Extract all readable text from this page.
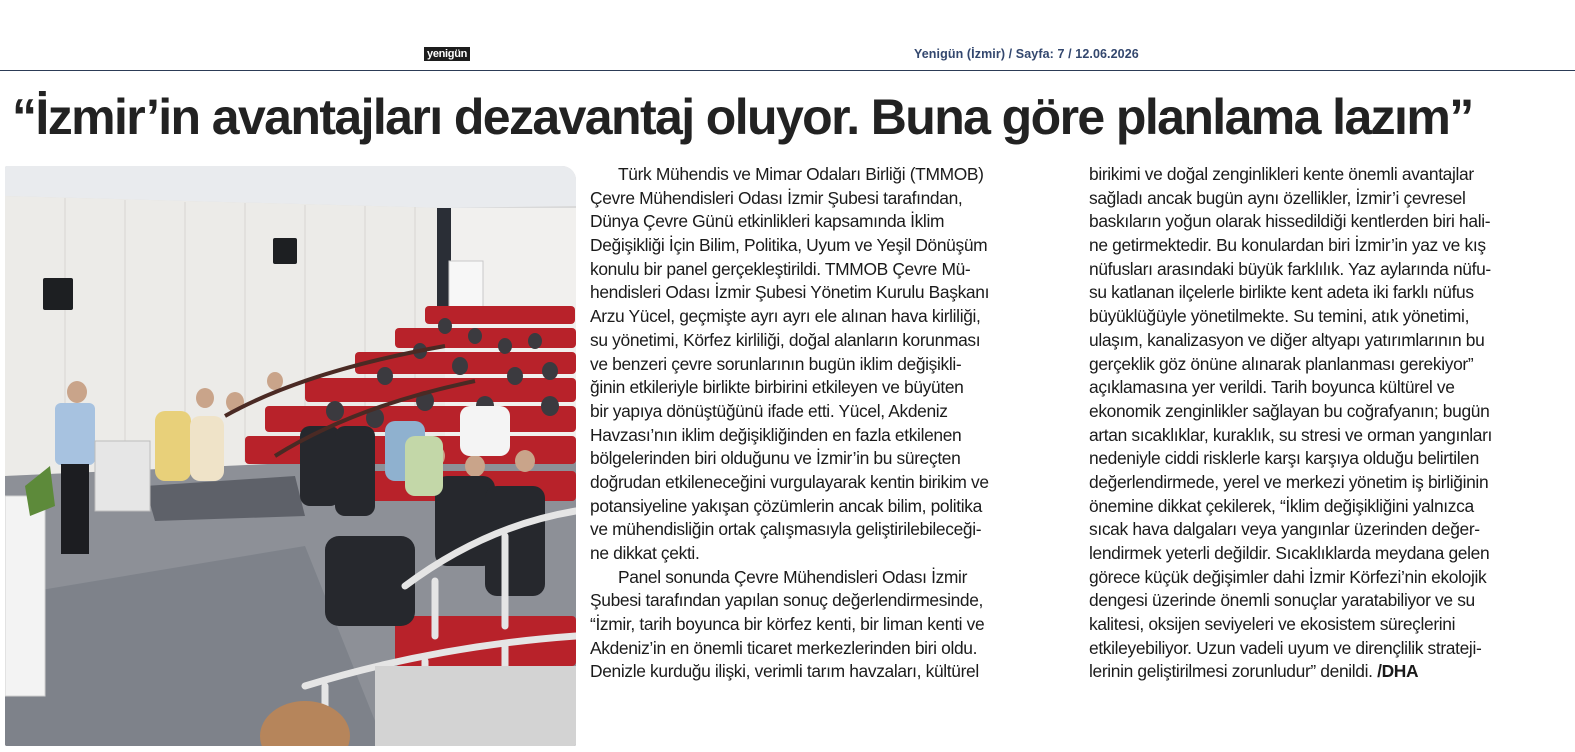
yenigün	Yenigün (İzmir) / Sayfa: 7 / 12.06.2026
“İzmir’in avantajları dezavantaj oluyor. Buna göre planlama lazım”
Türk Mühendis ve Mimar Odaları Birliği (TMMOB)
Çevre Mühendisleri Odası İzmir Şubesi tarafından,
Dünya Çevre Günü etkinlikleri kapsamında İklim
Değişikliği İçin Bilim, Politika, Uyum ve Yeşil Dönüşüm
konulu bir panel gerçekleştirildi. TMMOB Çevre Mü-
hendisleri Odası İzmir Şubesi Yönetim Kurulu Başkanı
Arzu Yücel, geçmişte ayrı ayrı ele alınan hava kirliliği,
su yönetimi, Körfez kirliliği, doğal alanların korunması
ve benzeri çevre sorunlarının bugün iklim değişikli-
ğinin etkileriyle birlikte birbirini etkileyen ve büyüten
bir yapıya dönüştüğünü ifade etti. Yücel, Akdeniz
Havzası’nın iklim değişikliğinden en fazla etkilenen
bölgelerinden biri olduğunu ve İzmir’in bu süreçten
doğrudan etkileneceğini vurgulayarak kentin birikim ve
potansiyeline yakışan çözümlerin ancak bilim, politika
ve mühendisliğin ortak çalışmasıyla geliştirilebileceği-
ne dikkat çekti.
Panel sonunda Çevre Mühendisleri Odası İzmir
Şubesi tarafından yapılan sonuç değerlendirmesinde,
“İzmir, tarih boyunca bir körfez kenti, bir liman kenti ve
Akdeniz’in en önemli ticaret merkezlerinden biri oldu.
Denizle kurduğu ilişki, verimli tarım havzaları, kültürel
birikimi ve doğal zenginlikleri kente önemli avantajlar
sağladı ancak bugün aynı özellikler, İzmir’i çevresel
baskıların yoğun olarak hissedildiği kentlerden biri hali-
ne getirmektedir. Bu konulardan biri İzmir’in yaz ve kış
nüfusları arasındaki büyük farklılık. Yaz aylarında nüfu-
su katlanan ilçelerle birlikte kent adeta iki farklı nüfus
büyüklüğüyle yönetilmekte. Su temini, atık yönetimi,
ulaşım, kanalizasyon ve diğer altyapı yatırımlarının bu
gerçeklik göz önüne alınarak planlanması gerekiyor”
açıklamasına yer verildi. Tarih boyunca kültürel ve
ekonomik zenginlikler sağlayan bu coğrafyanın; bugün
artan sıcaklıklar, kuraklık, su stresi ve orman yangınları
nedeniyle ciddi risklerle karşı karşıya olduğu belirtilen
değerlendirmede, yerel ve merkezi yönetim iş birliğinin
önemine dikkat çekilerek, “İklim değişikliğini yalnızca
sıcak hava dalgaları veya yangınlar üzerinden değer-
lendirmek yeterli değildir. Sıcaklıklarda meydana gelen
görece küçük değişimler dahi İzmir Körfezi’nin ekolojik
dengesi üzerinde önemli sonuçlar yaratabiliyor ve su
kalitesi, oksijen seviyeleri ve ekosistem süreçlerini
etkileyebiliyor. Uzun vadeli uyum ve dirençlilik strateji-
lerinin geliştirilmesi zorunludur” denildi. /DHA
